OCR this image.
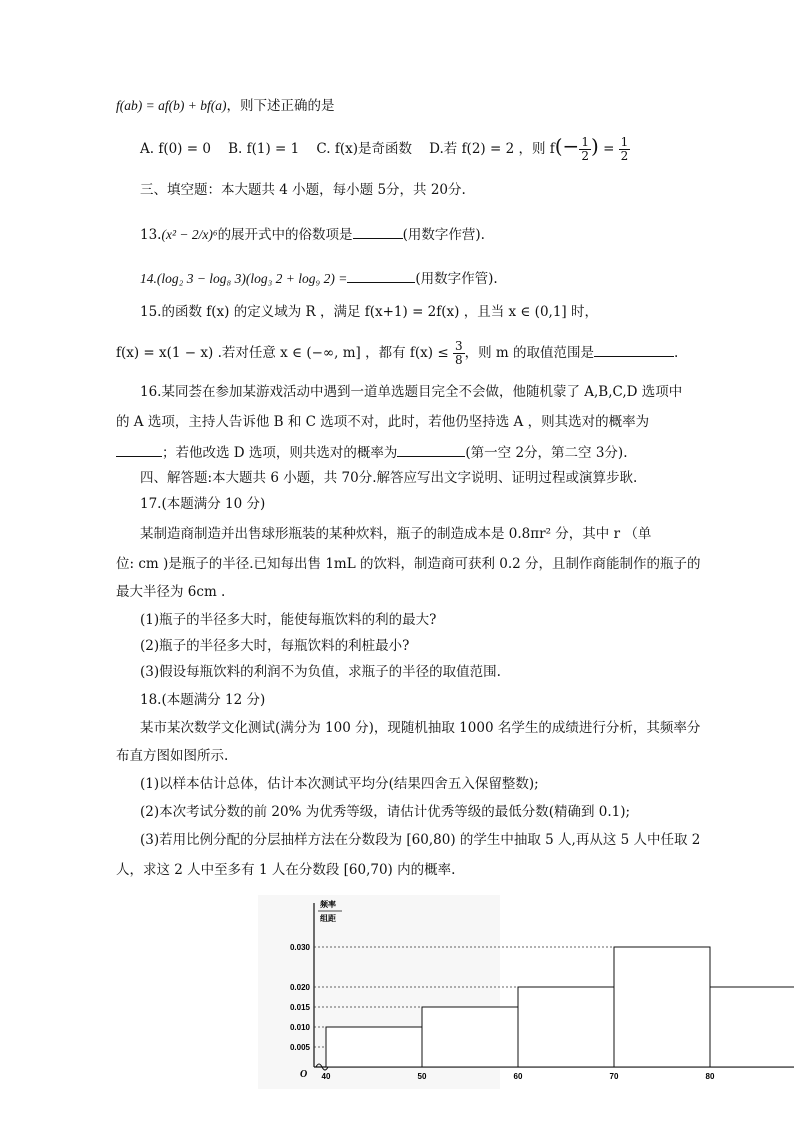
f(ab) = af(b) + bf(a)，则下述正确的是
A. f(0) = 0 B. f(1) = 1 C. f(x)是奇函数 D.若 f(2) = 2 ，则 $f(- \frac{1}{2}$ ) = $\frac{1}{2}$
三、填空题：本大题共 4 小题，每小题 5分，共 20分.
13.(x² − 2/x)⁶的展开式中的俗数项是	(用数字作营).
14.(log₂ 3 − log₈ 3)(log₃ 2 + log₉ 2) =	(用数字作管).
15.的函数 f(x) 的定义域为 R ，满足 f(x+1) = 2f(x) ，且当 x ∈ (0,1] 时，
f(x) = x(1 − x) .若对任意 x ∈ (−∞, m] ，都有 $f(x) \le \frac{3}{8}$ ，则 m 的取值范围是	.
16.某同荟在参加某游戏活动中遇到一道单选题目完全不会做，他随机蒙了 A,B,C,D 选项中
的 A 选项，主持人告诉他 B 和 C 选项不对，此时，若他仍坚持选 A ，则其选对的概率为
；若他改选 D 选项，则共选对的概率为	(第一空 2分，第二空 3分).
四、解答题:本大题共 6 小题，共 70分.解答应写出文字说明、证明过程或演算步耿.
17.(本题满分 10 分)
某制造商制造并出售球形瓶装的某种炊料，瓶子的制造成本是 0.8πr² 分，其中 r （单
位: cm )是瓶子的半径.已知每出售 1mL 的饮料，制造商可获利 0.2 分，且制作商能制作的瓶子的
最大半径为 6cm .
(1)瓶子的半径多大时，能使每瓶饮料的利的最大?
(2)瓶子的半径多大时，每瓶饮料的利桩最小?
(3)假设每瓶饮料的利润不为负值，求瓶子的半径的取值范围.
18.(本题满分 12 分)
某市某次数学文化测试(满分为 100 分)，现随机抽取 1000 名学生的成绩进行分析，其频率分
布直方图如图所示.
(1)以样本估计总体，估计本次测试平均分(结果四舍五入保留整数);
(2)本次考试分数的前 20% 为优秀等级，请估计优秀等级的最低分数(精确到 0.1);
(3)若用比例分配的分层抽样方法在分数段为 [60,80) 的学生中抽取 5 人,再从这 5 人中任取 2
人，求这 2 人中至多有 1 人在分数段 [60,70) 内的概率.
频率
组距
O
0.005
0.010
0.015
0.020
0.030
40	50	60	70	80
